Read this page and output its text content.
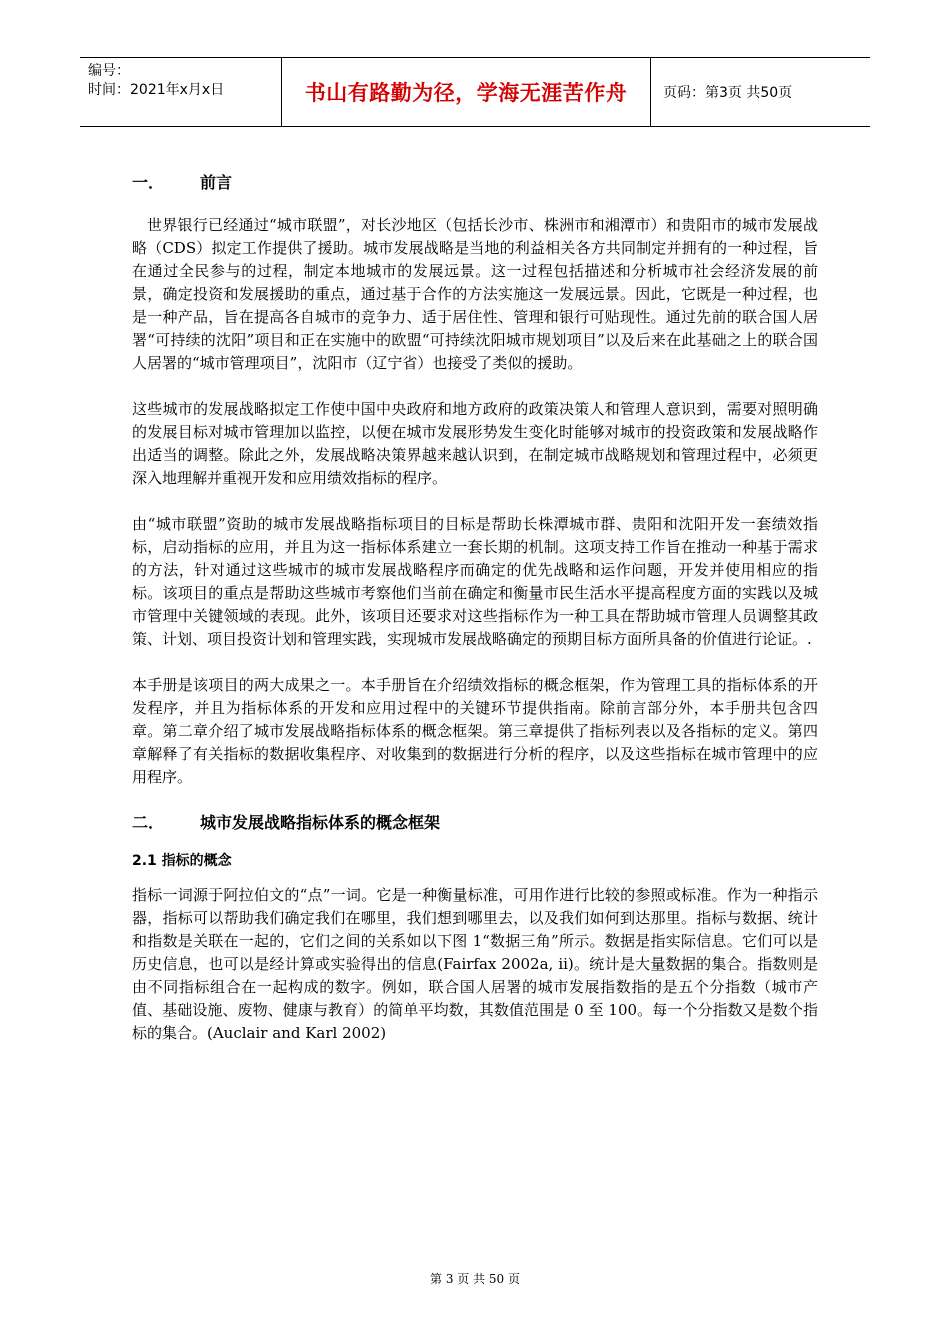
编号：
时间：2021年x月x日	书山有路勤为径，学海无涯苦作舟	页码：第3页 共50页
一．	前言

世界银行已经通过“城市联盟”，对长沙地区（包括长沙市、株洲市和湘潭市）和贵阳市的城市发展战略（CDS）拟定工作提供了援助。城市发展战略是当地的利益相关各方共同制定并拥有的一种过程，旨在通过全民参与的过程，制定本地城市的发展远景。这一过程包括描述和分析城市社会经济发展的前景，确定投资和发展援助的重点，通过基于合作的方法实施这一发展远景。因此，它既是一种过程，也是一种产品，旨在提高各自城市的竞争力、适于居住性、管理和银行可贴现性。通过先前的联合国人居署“可持续的沈阳”项目和正在实施中的欧盟“可持续沈阳城市规划项目”以及后来在此基础之上的联合国人居署的“城市管理项目”，沈阳市（辽宁省）也接受了类似的援助。

这些城市的发展战略拟定工作使中国中央政府和地方政府的政策决策人和管理人意识到，需要对照明确的发展目标对城市管理加以监控，以便在城市发展形势发生变化时能够对城市的投资政策和发展战略作出适当的调整。除此之外，发展战略决策界越来越认识到，在制定城市战略规划和管理过程中，必须更深入地理解并重视开发和应用绩效指标的程序。

由“城市联盟”资助的城市发展战略指标项目的目标是帮助长株潭城市群、贵阳和沈阳开发一套绩效指标，启动指标的应用，并且为这一指标体系建立一套长期的机制。这项支持工作旨在推动一种基于需求的方法，针对通过这些城市的城市发展战略程序而确定的优先战略和运作问题，开发并使用相应的指标。该项目的重点是帮助这些城市考察他们当前在确定和衡量市民生活水平提高程度方面的实践以及城市管理中关键领域的表现。此外，该项目还要求对这些指标作为一种工具在帮助城市管理人员调整其政策、计划、项目投资计划和管理实践，实现城市发展战略确定的预期目标方面所具备的价值进行论证。.

本手册是该项目的两大成果之一。本手册旨在介绍绩效指标的概念框架，作为管理工具的指标体系的开发程序，并且为指标体系的开发和应用过程中的关键环节提供指南。除前言部分外，本手册共包含四章。第二章介绍了城市发展战略指标体系的概念框架。第三章提供了指标列表以及各指标的定义。第四章解释了有关指标的数据收集程序、对收集到的数据进行分析的程序，以及这些指标在城市管理中的应用程序。

二．	城市发展战略指标体系的概念框架
2.1 指标的概念

指标一词源于阿拉伯文的“点”一词。它是一种衡量标准，可用作进行比较的参照或标准。作为一种指示器，指标可以帮助我们确定我们在哪里，我们想到哪里去，以及我们如何到达那里。指标与数据、统计和指数是关联在一起的，它们之间的关系如以下图 1“数据三角”所示。数据是指实际信息。它们可以是历史信息，也可以是经计算或实验得出的信息(Fairfax 2002a, ii)。统计是大量数据的集合。指数则是由不同指标组合在一起构成的数字。例如，联合国人居署的城市发展指数指的是五个分指数（城市产值、基础设施、废物、健康与教育）的简单平均数，其数值范围是 0 至 100。每一个分指数又是数个指标的集合。(Auclair and Karl 2002)

第 3 页 共 50 页
